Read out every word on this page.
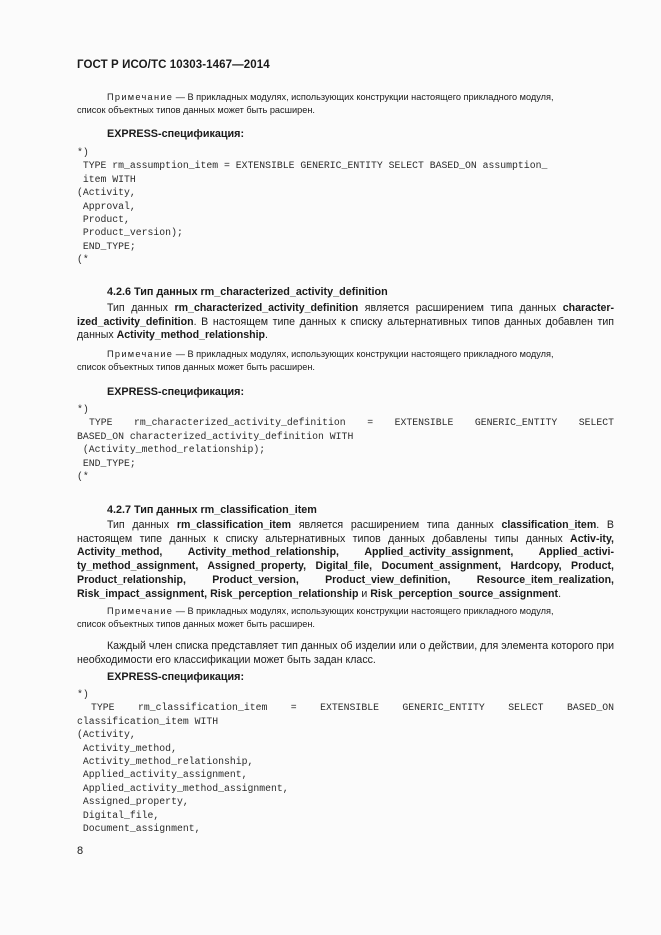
ГОСТ Р ИСО/ТС 10303-1467—2014

Примечание — В прикладных модулях, использующих конструкции настоящего прикладного модуля,

список объектных типов данных может быть расширен.

EXPRESS-спецификация:
*)
TYPE rm_assumption_item = EXTENSIBLE GENERIC_ENTITY SELECT BASED_ON assumption_
item WITH
(Activity,
Approval,
Product,
Product_version);
END_TYPE;
(*
4.2.6 Тип данных rm_characterized_activity_definition

Тип данных rm_characterized_activity_definition является расширением типа данных character-ized_activity_definition. В настоящем типе данных к списку альтернативных типов данных добавлен тип данных Activity_method_relationship.

Примечание — В прикладных модулях, использующих конструкции настоящего прикладного модуля,

список объектных типов данных может быть расширен.

EXPRESS-спецификация:
*)
TYPE rm_characterized_activity_definition = EXTENSIBLE GENERIC_ENTITY SELECT
BASED_ON characterized_activity_definition WITH
(Activity_method_relationship);
END_TYPE;
(*
4.2.7 Тип данных rm_classification_item

Тип данных rm_classification_item является расширением типа данных classification_item. В настоящем типе данных к списку альтернативных типов данных добавлены типы данных Activ-ity, Activity_method, Activity_method_relationship, Applied_activity_assignment, Applied_activi-ty_method_assignment, Assigned_property, Digital_file, Document_assignment, Hardcopy, Product, Product_relationship, Product_version, Product_view_definition, Resource_item_realization, Risk_impact_assignment, Risk_perception_relationship и Risk_perception_source_assignment.

Примечание — В прикладных модулях, использующих конструкции настоящего прикладного модуля,

список объектных типов данных может быть расширен.

Каждый член списка представляет тип данных об изделии или о действии, для элемента которого при необходимости его классификации может быть задан класс.

EXPRESS-спецификация:
*)
TYPE rm_classification_item = EXTENSIBLE GENERIC_ENTITY SELECT BASED_ON
classification_item WITH
(Activity,
Activity_method,
Activity_method_relationship,
Applied_activity_assignment,
Applied_activity_method_assignment,
Assigned_property,
Digital_file,
Document_assignment,
8
